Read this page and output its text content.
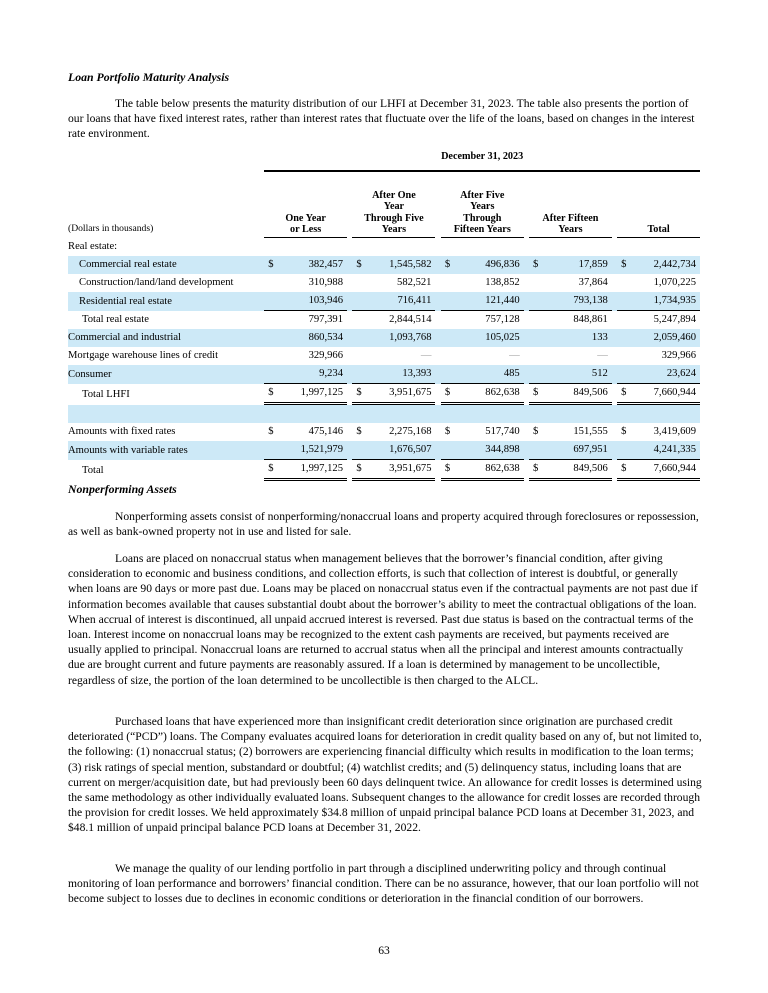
Loan Portfolio Maturity Analysis
The table below presents the maturity distribution of our LHFI at December 31, 2023. The table also presents the portion of our loans that have fixed interest rates, rather than interest rates that fluctuate over the life of the loans, based on changes in the interest rate environment.
	December 31, 2023													

(Dollars in thousands)	
One Year
or Less

After One
Year
Through Five
Years

After Five
Years
Through
Fifteen Years

After Fifteen
Years		Total

Real estate:														
Commercial real estate	$	382,457		$	1,545,582		$	496,836		$	17,859		$	2,442,734
Construction/land/land development		310,988			582,521			138,852			37,864			1,070,225
Residential real estate		103,946			716,411			121,440			793,138			1,734,935
Total real estate		797,391			2,844,514			757,128			848,861			5,247,894
Commercial and industrial		860,534			1,093,768			105,025			133			2,059,460
Mortgage warehouse lines of credit		329,966			—			—			—			329,966
Consumer		9,234			13,393			485			512			23,624
Total LHFI	$	1,997,125		$	3,951,675		$	862,638		$	849,506		$	7,660,944

Amounts with fixed rates	$	475,146		$	2,275,168		$	517,740		$	151,555		$	3,419,609
Amounts with variable rates		1,521,979			1,676,507			344,898			697,951			4,241,335
Total	$	1,997,125		$	3,951,675		$	862,638		$	849,506		$	7,660,944
Nonperforming Assets
Nonperforming assets consist of nonperforming/nonaccrual loans and property acquired through foreclosures or repossession, as well as bank-owned property not in use and listed for sale.
Loans are placed on nonaccrual status when management believes that the borrower’s financial condition, after giving consideration to economic and business conditions, and collection efforts, is such that collection of interest is doubtful, or generally when loans are 90 days or more past due. Loans may be placed on nonaccrual status even if the contractual payments are not past due if information becomes available that causes substantial doubt about the borrower’s ability to meet the contractual obligations of the loan. When accrual of interest is discontinued, all unpaid accrued interest is reversed. Past due status is based on the contractual terms of the loan. Interest income on nonaccrual loans may be recognized to the extent cash payments are received, but payments received are usually applied to principal. Nonaccrual loans are returned to accrual status when all the principal and interest amounts contractually due are brought current and future payments are reasonably assured. If a loan is determined by management to be uncollectible, regardless of size, the portion of the loan determined to be uncollectible is then charged to the ALCL.
Purchased loans that have experienced more than insignificant credit deterioration since origination are purchased credit deteriorated (“PCD”) loans. The Company evaluates acquired loans for deterioration in credit quality based on any of, but not limited to, the following: (1) nonaccrual status; (2) borrowers are experiencing financial difficulty which results in modification to the loan terms; (3) risk ratings of special mention, substandard or doubtful; (4) watchlist credits; and (5) delinquency status, including loans that are current on merger/acquisition date, but had previously been 60 days delinquent twice. An allowance for credit losses is determined using the same methodology as other individually evaluated loans. Subsequent changes to the allowance for credit losses are recorded through the provision for credit losses. We held approximately $34.8 million of unpaid principal balance PCD loans at December 31, 2023, and $48.1 million of unpaid principal balance PCD loans at December 31, 2022.
We manage the quality of our lending portfolio in part through a disciplined underwriting policy and through continual monitoring of loan performance and borrowers’ financial condition. There can be no assurance, however, that our loan portfolio will not become subject to losses due to declines in economic conditions or deterioration in the financial condition of our borrowers.
63
